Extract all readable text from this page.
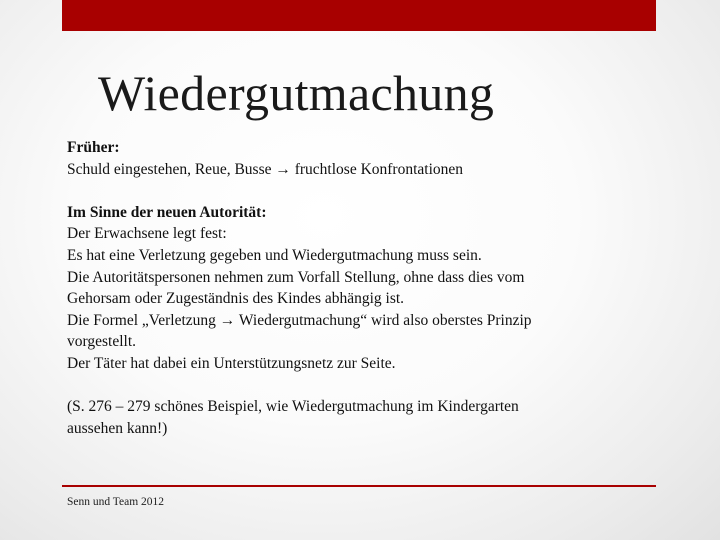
Wiedergutmachung

Früher:

Schuld eingestehen, Reue, Busse → fruchtlose Konfrontationen

Im Sinne der neuen Autorität:

Der Erwachsene legt fest:

Es hat eine Verletzung gegeben und Wiedergutmachung muss sein.

Die Autoritätspersonen nehmen zum Vorfall Stellung, ohne dass dies vom

Gehorsam oder Zugeständnis des Kindes abhängig ist.

Die Formel „Verletzung → Wiedergutmachung“ wird also oberstes Prinzip

vorgestellt.

Der Täter hat dabei ein Unterstützungsnetz zur Seite.

(S. 276 – 279 schönes Beispiel, wie Wiedergutmachung im Kindergarten

aussehen kann!)

Senn und Team 2012
